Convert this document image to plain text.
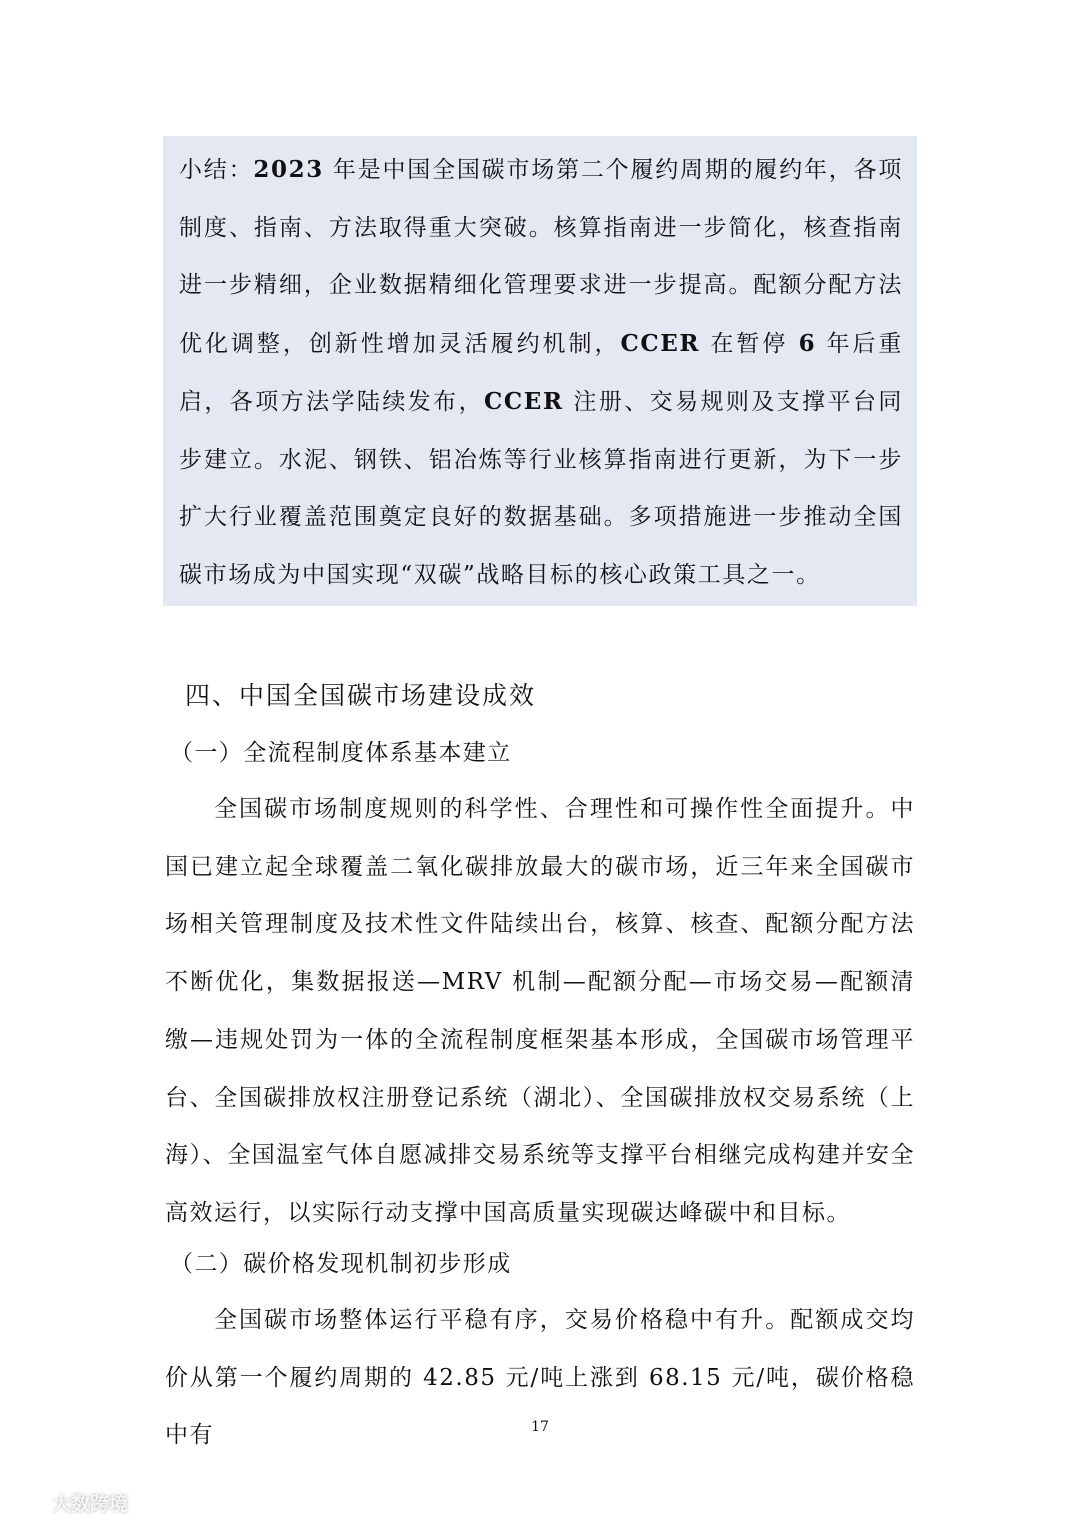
小结：2023 年是中国全国碳市场第二个履约周期的履约年，各项制度、指南、方法取得重大突破。核算指南进一步简化，核查指南进一步精细，企业数据精细化管理要求进一步提高。配额分配方法优化调整，创新性增加灵活履约机制，CCER 在暂停 6 年后重启，各项方法学陆续发布，CCER 注册、交易规则及支撑平台同步建立。水泥、钢铁、铝冶炼等行业核算指南进行更新，为下一步扩大行业覆盖范围奠定良好的数据基础。多项措施进一步推动全国碳市场成为中国实现“双碳”战略目标的核心政策工具之一。

四、中国全国碳市场建设成效
（一）全流程制度体系基本建立

全国碳市场制度规则的科学性、合理性和可操作性全面提升。中国已建立起全球覆盖二氧化碳排放最大的碳市场，近三年来全国碳市场相关管理制度及技术性文件陆续出台，核算、核查、配额分配方法不断优化，集数据报送—MRV 机制—配额分配—市场交易—配额清缴—违规处罚为一体的全流程制度框架基本形成，全国碳市场管理平台、全国碳排放权注册登记系统（湖北）、全国碳排放权交易系统（上海）、全国温室气体自愿减排交易系统等支撑平台相继完成构建并安全高效运行，以实际行动支撑中国高质量实现碳达峰碳中和目标。

（二）碳价格发现机制初步形成

全国碳市场整体运行平稳有序，交易价格稳中有升。配额成交均价从第一个履约周期的 42.85 元/吨上涨到 68.15 元/吨，碳价格稳中有	17
大数跨境
